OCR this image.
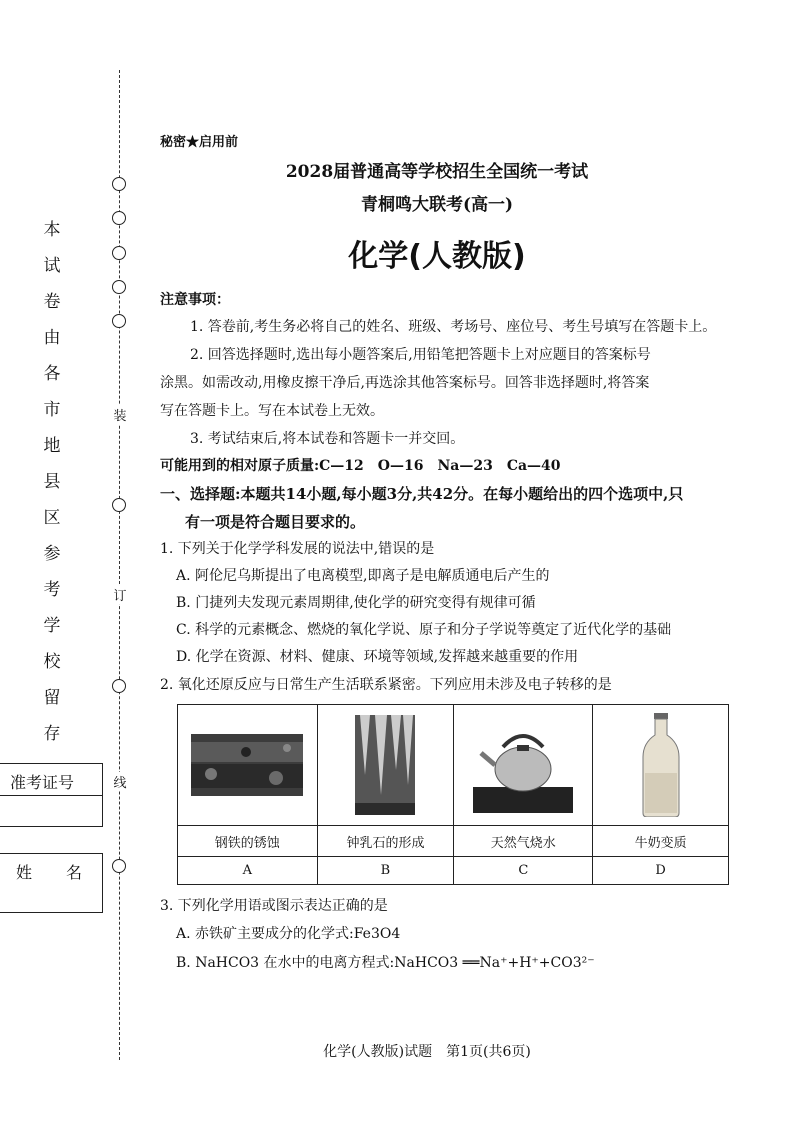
本
试
卷
由
各
市
地
县
区
参
考
学
校
留
存
装
订
线
准考证号
姓 名
秘密★启用前
2028届普通高等学校招生全国统一考试
青桐鸣大联考(高一)
化学(人教版)
注意事项：
1. 答卷前,考生务必将自己的姓名、班级、考场号、座位号、考生号填写在答题卡上。
2. 回答选择题时,选出每小题答案后,用铅笔把答题卡上对应题目的答案标号
涂黑。如需改动,用橡皮擦干净后,再选涂其他答案标号。回答非选择题时,将答案
写在答题卡上。写在本试卷上无效。
3. 考试结束后,将本试卷和答题卡一并交回。
可能用到的相对原子质量:C—12　O—16　Na—23　Ca—40
一、选择题:本题共14小题,每小题3分,共42分。在每小题给出的四个选项中,只
有一项是符合题目要求的。
1. 下列关于化学学科发展的说法中,错误的是
A. 阿伦尼乌斯提出了电离模型,即离子是电解质通电后产生的
B. 门捷列夫发现元素周期律,使化学的研究变得有规律可循
C. 科学的元素概念、燃烧的氧化学说、原子和分子学说等奠定了近代化学的基础
D. 化学在资源、材料、健康、环境等领域,发挥越来越重要的作用
2. 氧化还原反应与日常生产生活联系紧密。下列应用未涉及电子转移的是

钢铁的锈蚀	钟乳石的形成	天然气烧水	牛奶变质
A	B	C	D
3. 下列化学用语或图示表达正确的是
A. 赤铁矿主要成分的化学式:Fe3O4
B. NaHCO3 在水中的电离方程式:NaHCO3 ══Na⁺+H⁺+CO3²⁻
化学(人教版)试题　第1页(共6页)
